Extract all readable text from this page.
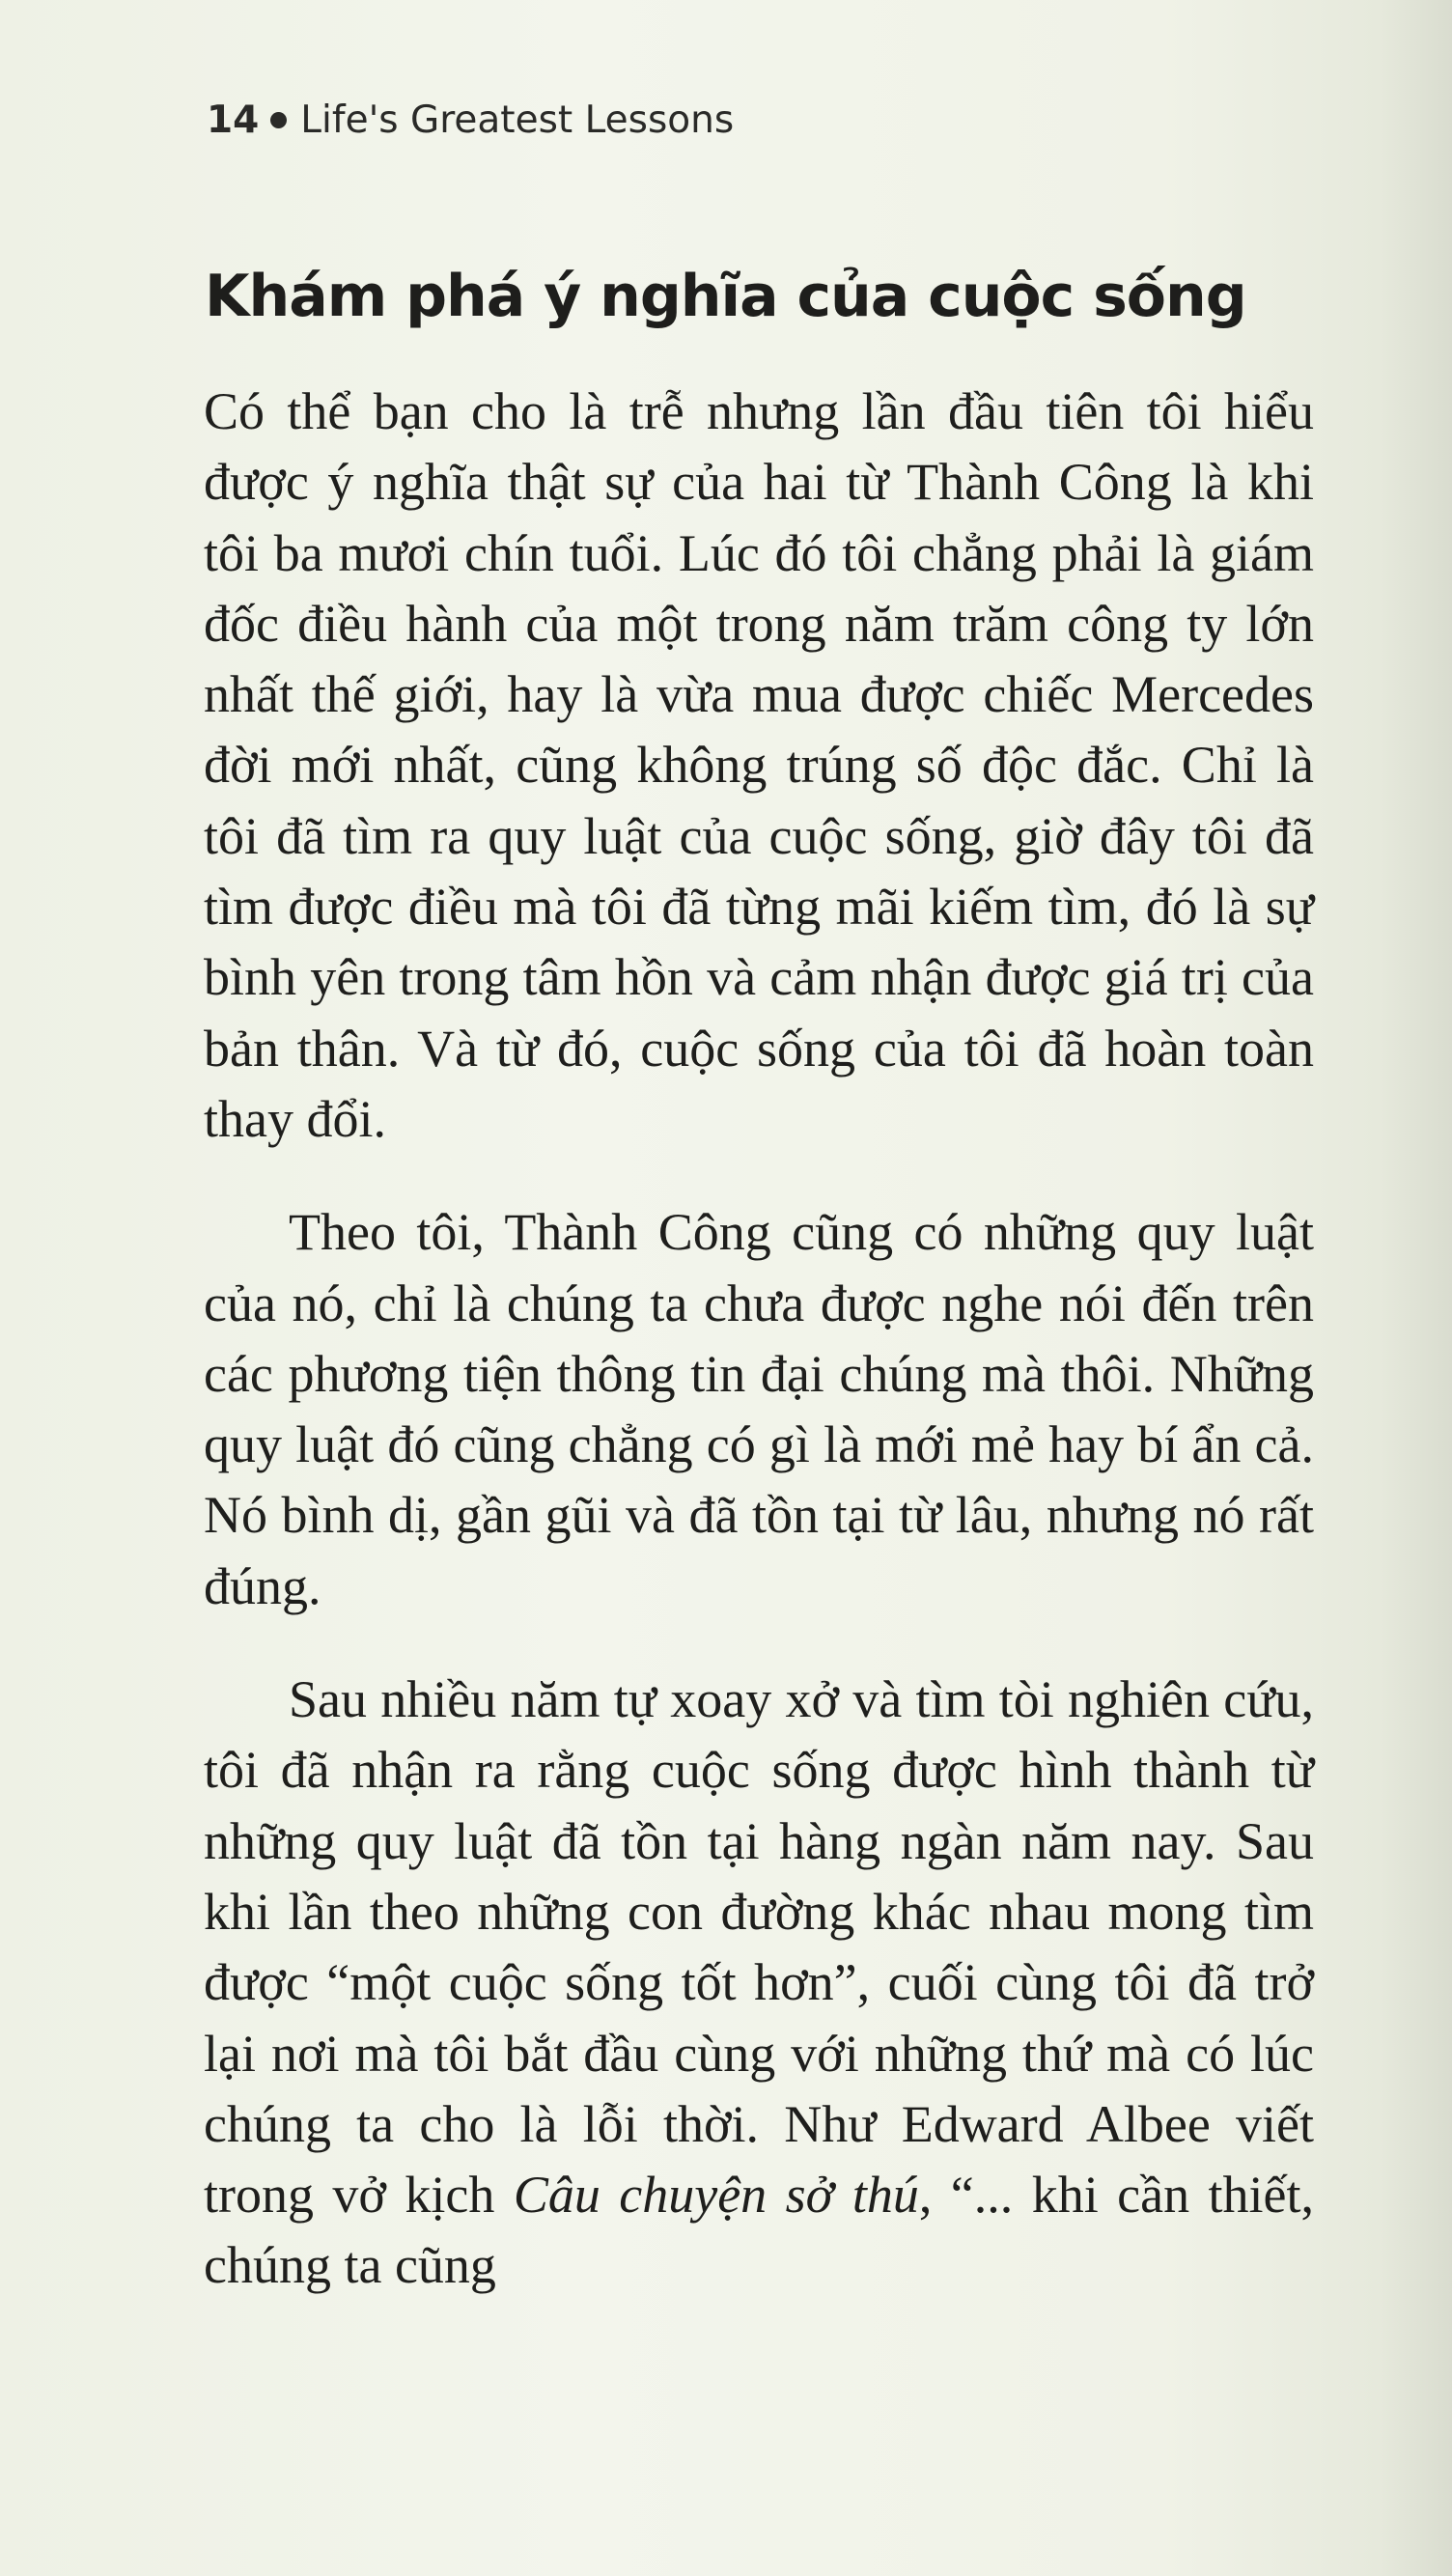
14 Life's Greatest Lessons
Khám phá ý nghĩa của cuộc sống

Có thể bạn cho là trễ nhưng lần đầu tiên tôi hiểu được ý nghĩa thật sự của hai từ Thành Công là khi tôi ba mươi chín tuổi. Lúc đó tôi chẳng phải là giám đốc điều hành của một trong năm trăm công ty lớn nhất thế giới, hay là vừa mua được chiếc Mercedes đời mới nhất, cũng không trúng số độc đắc. Chỉ là tôi đã tìm ra quy luật của cuộc sống, giờ đây tôi đã tìm được điều mà tôi đã từng mãi kiếm tìm, đó là sự bình yên trong tâm hồn và cảm nhận được giá trị của bản thân. Và từ đó, cuộc sống của tôi đã hoàn toàn thay đổi.

Theo tôi, Thành Công cũng có những quy luật của nó, chỉ là chúng ta chưa được nghe nói đến trên các phương tiện thông tin đại chúng mà thôi. Những quy luật đó cũng chẳng có gì là mới mẻ hay bí ẩn cả. Nó bình dị, gần gũi và đã tồn tại từ lâu, nhưng nó rất đúng.

Sau nhiều năm tự xoay xở và tìm tòi nghiên cứu, tôi đã nhận ra rằng cuộc sống được hình thành từ những quy luật đã tồn tại hàng ngàn năm nay. Sau khi lần theo những con đường khác nhau mong tìm được “một cuộc sống tốt hơn”, cuối cùng tôi đã trở lại nơi mà tôi bắt đầu cùng với những thứ mà có lúc chúng ta cho là lỗi thời. Như Edward Albee viết trong vở kịch Câu chuyện sở thú, “... khi cần thiết, chúng ta cũng
